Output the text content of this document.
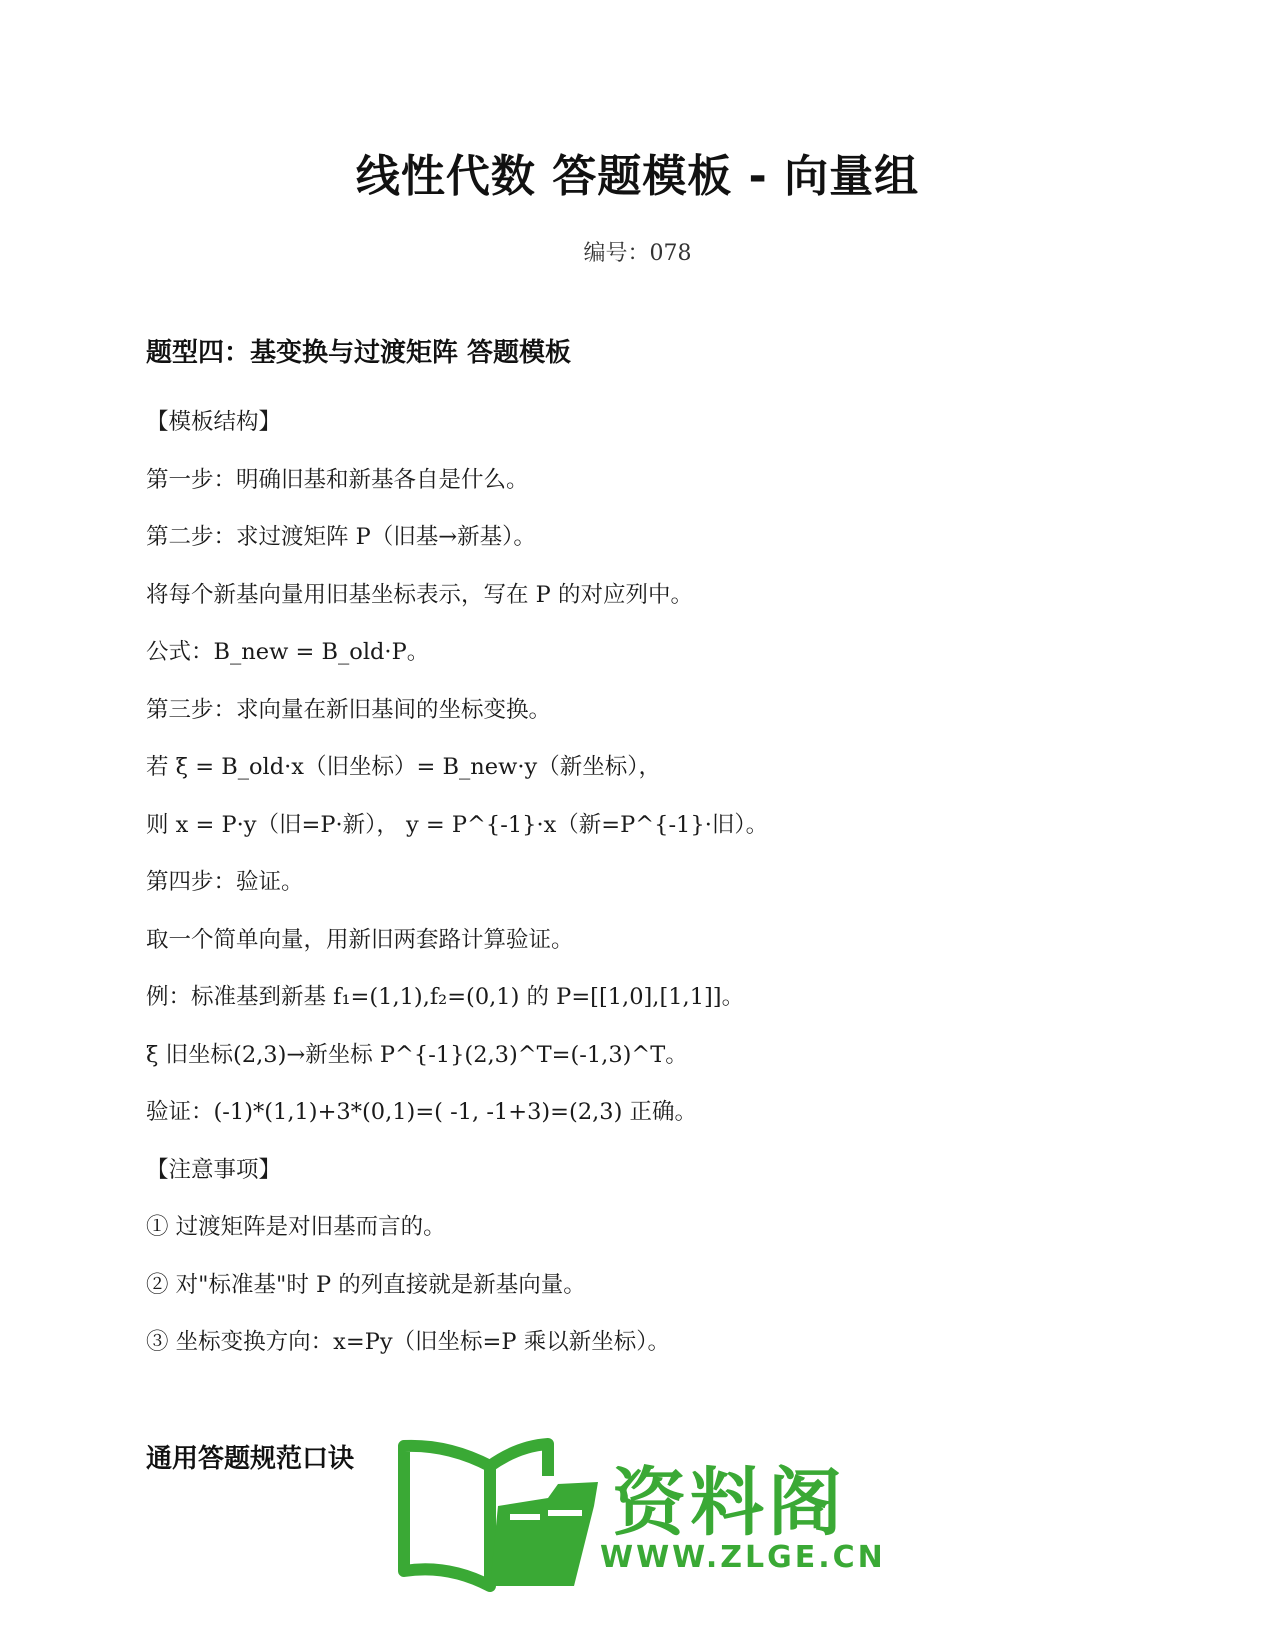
线性代数 答题模板 - 向量组
编号：078
题型四：基变换与过渡矩阵 答题模板
【模板结构】
第一步：明确旧基和新基各自是什么。
第二步：求过渡矩阵 P（旧基→新基）。
将每个新基向量用旧基坐标表示，写在 P 的对应列中。
公式：B_new = B_old·P。
第三步：求向量在新旧基间的坐标变换。
若 ξ = B_old·x（旧坐标）= B_new·y（新坐标），
则 x = P·y（旧=P·新）， y = P^{-1}·x（新=P^{-1}·旧）。
第四步：验证。
取一个简单向量，用新旧两套路计算验证。
例：标准基到新基 f₁=(1,1),f₂=(0,1) 的 P=[[1,0],[1,1]]。
ξ 旧坐标(2,3)→新坐标 P^{-1}(2,3)^T=(-1,3)^T。
验证：(-1)*(1,1)+3*(0,1)=( -1, -1+3)=(2,3) 正确。
【注意事项】
① 过渡矩阵是对旧基而言的。
② 对"标准基"时 P 的列直接就是新基向量。
③ 坐标变换方向：x=Py（旧坐标=P 乘以新坐标）。
通用答题规范口诀
资料阁
WWW.ZLGE.CN
